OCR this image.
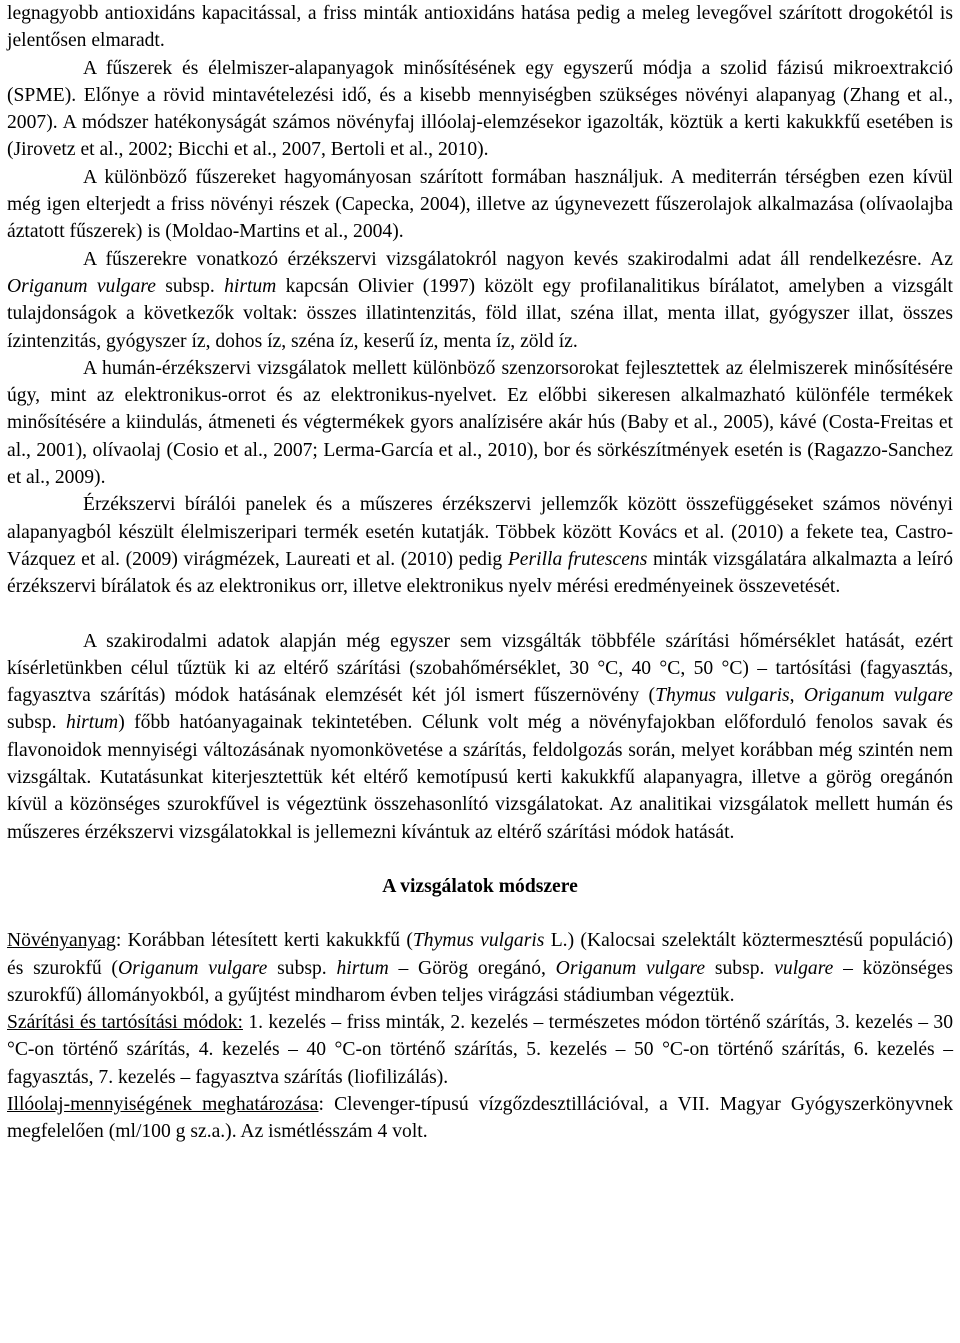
legnagyobb antioxidáns kapacitással, a friss minták antioxidáns hatása pedig a meleg levegővel szárított drogokétól is jelentősen elmaradt.

A fűszerek és élelmiszer-alapanyagok minősítésének egy egyszerű módja a szolid fázisú mikroextrakció (SPME). Előnye a rövid mintavételezési idő, és a kisebb mennyiségben szükséges növényi alapanyag (Zhang et al., 2007). A módszer hatékonyságát számos növényfaj illóolaj-elemzésekor igazolták, köztük a kerti kakukkfű esetében is (Jirovetz et al., 2002; Bicchi et al., 2007, Bertoli et al., 2010).

A különböző fűszereket hagyományosan szárított formában használjuk. A mediterrán térségben ezen kívül még igen elterjedt a friss növényi részek (Capecka, 2004), illetve az úgynevezett fűszerolajok alkalmazása (olívaolajba áztatott fűszerek) is (Moldao-Martins et al., 2004).

A fűszerekre vonatkozó érzékszervi vizsgálatokról nagyon kevés szakirodalmi adat áll rendelkezésre. Az Origanum vulgare subsp. hirtum kapcsán Olivier (1997) közölt egy profilanalitikus bírálatot, amelyben a vizsgált tulajdonságok a következők voltak: összes illatintenzitás, föld illat, széna illat, menta illat, gyógyszer illat, összes ízintenzitás, gyógyszer íz, dohos íz, széna íz, keserű íz, menta íz, zöld íz.

A humán-érzékszervi vizsgálatok mellett különböző szenzorsorokat fejlesztettek az élelmiszerek minősítésére úgy, mint az elektronikus-orrot és az elektronikus-nyelvet. Ez előbbi sikeresen alkalmazható különféle termékek minősítésére a kiindulás, átmeneti és végtermékek gyors analízisére akár hús (Baby et al., 2005), kávé (Costa-Freitas et al., 2001), olívaolaj (Cosio et al., 2007; Lerma-García et al., 2010), bor és sörkészítmények esetén is (Ragazzo-Sanchez et al., 2009).

Érzékszervi bírálói panelek és a műszeres érzékszervi jellemzők között összefüggéseket számos növényi alapanyagból készült élelmiszeripari termék esetén kutatják. Többek között Kovács et al. (2010) a fekete tea, Castro-Vázquez et al. (2009) virágmézek, Laureati et al. (2010) pedig Perilla frutescens minták vizsgálatára alkalmazta a leíró érzékszervi bírálatok és az elektronikus orr, illetve elektronikus nyelv mérési eredményeinek összevetését.

A szakirodalmi adatok alapján még egyszer sem vizsgálták többféle szárítási hőmérséklet hatását, ezért kísérletünkben célul tűztük ki az eltérő szárítási (szobahőmérséklet, 30 °C, 40 °C, 50 °C) – tartósítási (fagyasztás, fagyasztva szárítás) módok hatásának elemzését két jól ismert fűszernövény (Thymus vulgaris, Origanum vulgare subsp. hirtum) főbb hatóanyagainak tekintetében. Célunk volt még a növényfajokban előforduló fenolos savak és flavonoidok mennyiségi változásának nyomonkövetése a szárítás, feldolgozás során, melyet korábban még szintén nem vizsgáltak. Kutatásunkat kiterjesztettük két eltérő kemotípusú kerti kakukkfű alapanyagra, illetve a görög oregánón kívül a közönséges szurokfűvel is végeztünk összehasonlító vizsgálatokat. Az analitikai vizsgálatok mellett humán és műszeres érzékszervi vizsgálatokkal is jellemezni kívántuk az eltérő szárítási módok hatását.

A vizsgálatok módszere

Növényanyag: Korábban létesített kerti kakukkfű (Thymus vulgaris L.) (Kalocsai szelektált köztermesztésű populáció) és szurokfű (Origanum vulgare subsp. hirtum – Görög oregánó, Origanum vulgare subsp. vulgare – közönséges szurokfű) állományokból, a gyűjtést mindharom évben teljes virágzási stádiumban végeztük.

Szárítási és tartósítási módok: 1. kezelés – friss minták, 2. kezelés – természetes módon történő szárítás, 3. kezelés – 30 °C-on történő szárítás, 4. kezelés – 40 °C-on történő szárítás, 5. kezelés – 50 °C-on történő szárítás, 6. kezelés – fagyasztás, 7. kezelés – fagyasztva szárítás (liofilizálás).

Illóolaj-mennyiségének meghatározása: Clevenger-típusú vízgőzdesztillációval, a VII. Magyar Gyógyszerkönyvnek megfelelően (ml/100 g sz.a.). Az ismétlésszám 4 volt.
